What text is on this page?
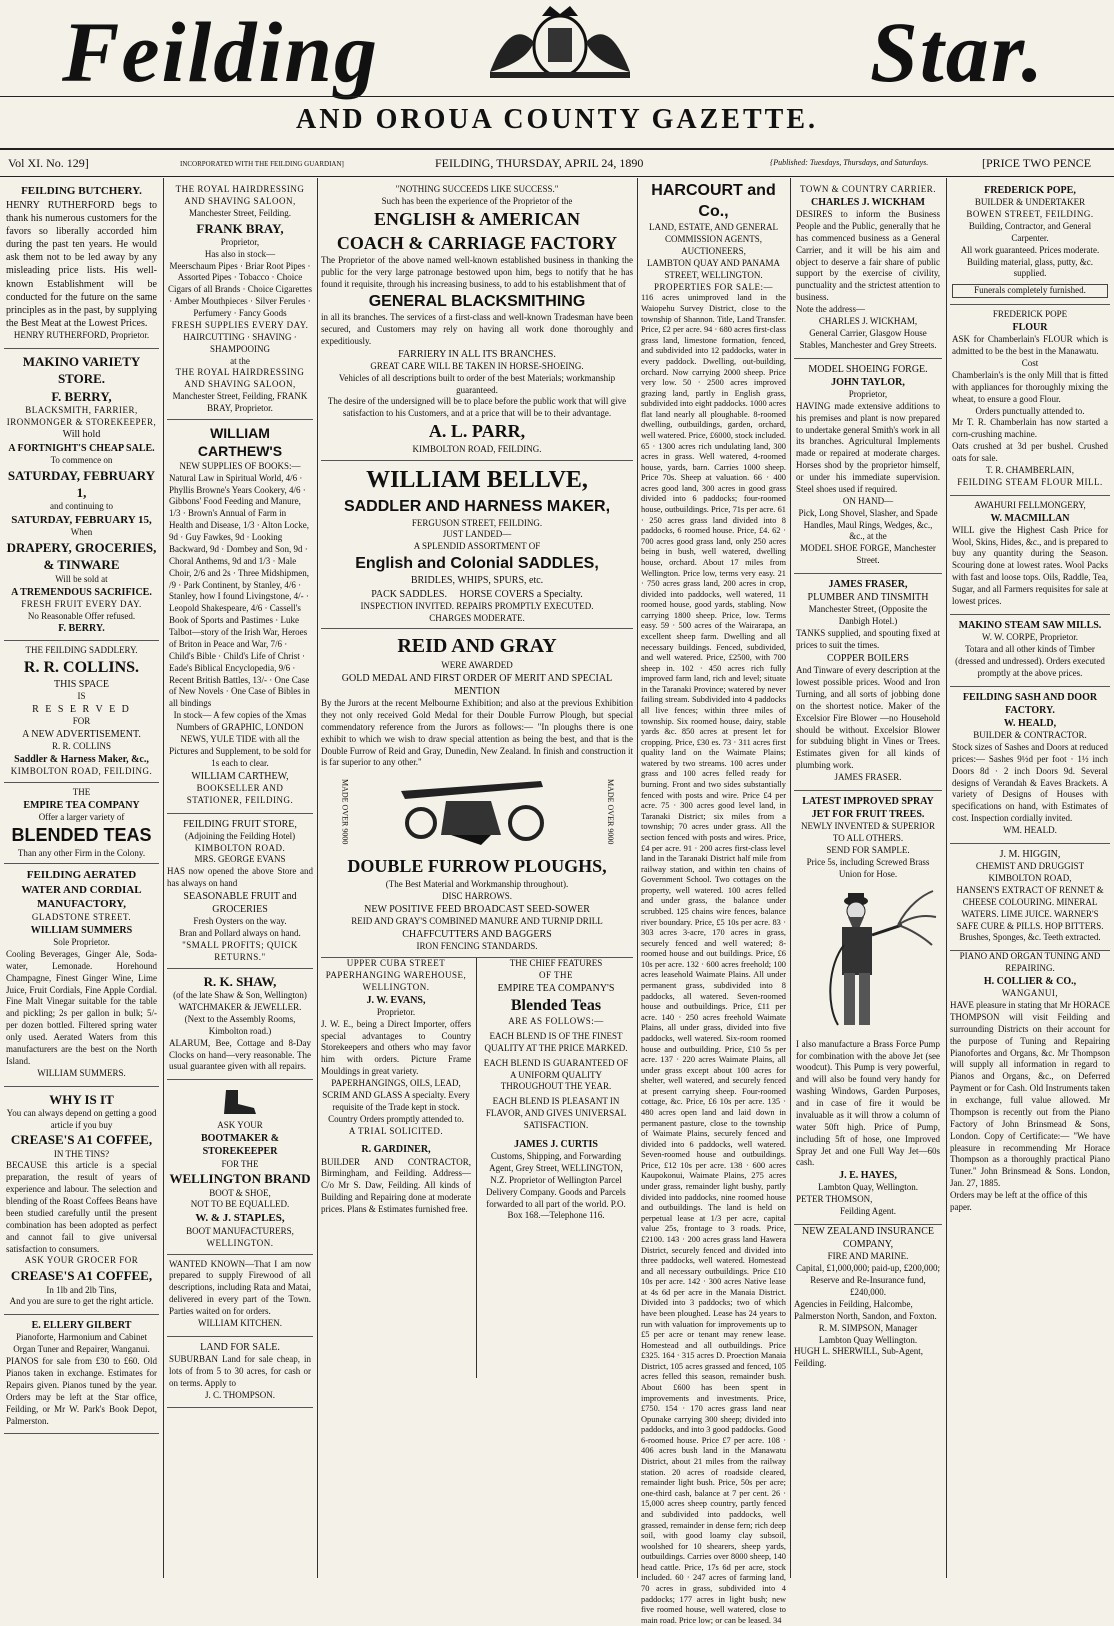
Feilding	Star.
AND OROUA COUNTY GAZETTE.
Vol XI. No. 129]	INCORPORATED WITH THE FEILDING GUARDIAN]	FEILDING, THURSDAY, APRIL 24, 1890	{Published: Tuesdays, Thursdays, and Saturdays.	[PRICE TWO PENCE
FEILDING BUTCHERY.

HENRY RUTHERFORD begs to thank his numerous customers for the favors so liberally accorded him during the past ten years. He would ask them not to be led away by any misleading price lists. His well-known Establishment will be conducted for the future on the same principles as in the past, by supplying the Best Meat at the Lowest Prices.

HENRY RUTHERFORD, Proprietor.

MAKINO VARIETY STORE.
F. BERRY,

BLACKSMITH, FARRIER, IRONMONGER & STOREKEEPER,

Will hold

A FORTNIGHT'S CHEAP SALE.

To commence on

SATURDAY, FEBRUARY 1,

and continuing to

SATURDAY, FEBRUARY 15,

When

DRAPERY, GROCERIES, & TINWARE

Will be sold at

A TREMENDOUS SACRIFICE.

FRESH FRUIT EVERY DAY.

No Reasonable Offer refused.

F. BERRY.

THE FEILDING SADDLERY.

R. R. COLLINS.

THIS SPACE

IS

R E S E R V E D

FOR

A NEW ADVERTISEMENT.

R. R. COLLINS

Saddler & Harness Maker, &c.,

KIMBOLTON ROAD, FEILDING.

THE

EMPIRE TEA COMPANY

Offer a larger variety of

BLENDED TEAS

Than any other Firm in the Colony.

FEILDING AERATED WATER AND CORDIAL MANUFACTORY,

GLADSTONE STREET.

WILLIAM SUMMERS

Sole Proprietor.

Cooling Beverages, Ginger Ale, Soda-water, Lemonade. Horehound Champagne, Finest Ginger Wine, Lime Juice, Fruit Cordials, Fine Apple Cordial. Fine Malt Vinegar suitable for the table and pickling; 2s per gallon in bulk; 5/- per dozen bottled. Filtered spring water only used. Aerated Waters from this manufacturers are the best on the North Island.

WILLIAM SUMMERS.

WHY IS IT

You can always depend on getting a good article if you buy

CREASE'S A1 COFFEE,

IN THE TINS?

BECAUSE this article is a special preparation, the result of years of experience and labour. The selection and blending of the Roast Coffees Beans have been studied carefully until the present combination has been adopted as perfect and cannot fail to give universal satisfaction to consumers.

ASK YOUR GROCER FOR

CREASE'S A1 COFFEE,

In 1lb and 2lb Tins,

And you are sure to get the right article.

E. ELLERY GILBERT

Pianoforte, Harmonium and Cabinet Organ Tuner and Repairer, Wanganui.

PIANOS for sale from £30 to £60. Old Pianos taken in exchange. Estimates for Repairs given. Pianos tuned by the year. Orders may be left at the Star office, Feilding, or Mr W. Park's Book Depot, Palmerston.

THE ROYAL HAIRDRESSING AND SHAVING SALOON,

Manchester Street, Feilding.

FRANK BRAY,

Proprietor,

Has also in stock—

Meerschaum Pipes · Briar Root Pipes · Assorted Pipes · Tobacco · Choice Cigars of all Brands · Choice Cigarettes · Amber Mouthpieces · Silver Ferules · Perfumery · Fancy Goods

FRESH SUPPLIES EVERY DAY.

HAIRCUTTING · SHAVING · SHAMPOOING

at the

THE ROYAL HAIRDRESSING AND SHAVING SALOON,

Manchester Street, Feilding, FRANK BRAY, Proprietor.

WILLIAM CARTHEW'S

NEW SUPPLIES OF BOOKS:—

Natural Law in Spiritual World, 4/6 · Phyllis Browne's Years Cookery, 4/6 · Gibbons' Food Feeding and Manure, 1/3 · Brown's Annual of Farm in Health and Disease, 1/3 · Alton Locke, 9d · Guy Fawkes, 9d · Looking Backward, 9d · Dombey and Son, 9d · Choral Anthems, 9d and 1/3 · Male Choir, 2/6 and 2s · Three Midshipmen, /9 · Park Continent, by Stanley, 4/6 · Stanley, how I found Livingstone, 4/- · Leopold Shakespeare, 4/6 · Cassell's Book of Sports and Pastimes · Luke Talbot—story of the Irish War, Heroes of Briton in Peace and War, 7/6 · Child's Bible · Child's Life of Christ · Eade's Biblical Encyclopedia, 9/6 · Recent British Battles, 13/- · One Case of New Novels · One Case of Bibles in all bindings

In stock— A few copies of the Xmas Numbers of GRAPHIC, LONDON NEWS, YULE TIDE with all the Pictures and Supplement, to be sold for 1s each to clear.

WILLIAM CARTHEW,

BOOKSELLER AND STATIONER, FEILDING.

FEILDING FRUIT STORE,

(Adjoining the Feilding Hotel)

KIMBOLTON ROAD.

MRS. GEORGE EVANS

HAS now opened the above Store and has always on hand

SEASONABLE FRUIT and GROCERIES

Fresh Oysters on the way.

Bran and Pollard always on hand.

"SMALL PROFITS; QUICK RETURNS."

R. K. SHAW,

(of the late Shaw & Son, Wellington) WATCHMAKER & JEWELLER. (Next to the Assembly Rooms, Kimbolton road.)

ALARUM, Bee, Cottage and 8-Day Clocks on hand—very reasonable. The usual guarantee given with all repairs.

ASK YOUR

BOOTMAKER & STOREKEEPER

FOR THE

WELLINGTON BRAND

BOOT & SHOE,

NOT TO BE EQUALLED.

W. & J. STAPLES,

BOOT MANUFACTURERS,

WELLINGTON.

WANTED KNOWN—That I am now prepared to supply Firewood of all descriptions, including Rata and Matai, delivered in every part of the Town. Parties waited on for orders.

WILLIAM KITCHEN.

LAND FOR SALE.

SUBURBAN Land for sale cheap, in lots of from 5 to 30 acres, for cash or on terms. Apply to

J. C. THOMPSON.

"NOTHING SUCCEEDS LIKE SUCCESS."

Such has been the experience of the Proprietor of the

ENGLISH & AMERICAN
COACH & CARRIAGE FACTORY

The Proprietor of the above named well-known established business in thanking the public for the very large patronage bestowed upon him, begs to notify that he has found it requisite, through his increasing business, to add to his establishment that of

GENERAL BLACKSMITHING

in all its branches. The services of a first-class and well-known Tradesman have been secured, and Customers may rely on having all work done thoroughly and expeditiously.

FARRIERY IN ALL ITS BRANCHES.

GREAT CARE WILL BE TAKEN IN HORSE-SHOEING.

Vehicles of all descriptions built to order of the best Materials; workmanship guaranteed.

The desire of the undersigned will be to place before the public work that will give satisfaction to his Customers, and at a price that will be to their advantage.

A. L. PARR,

KIMBOLTON ROAD, FEILDING.

WILLIAM BELLVE,
SADDLER AND HARNESS MAKER,

FERGUSON STREET, FEILDING.

JUST LANDED—

A SPLENDID ASSORTMENT OF

English and Colonial SADDLES,

BRIDLES, WHIPS, SPURS, etc.

PACK SADDLES. HORSE COVERS a Specialty.

INSPECTION INVITED. REPAIRS PROMPTLY EXECUTED.

CHARGES MODERATE.

REID AND GRAY

WERE AWARDED

GOLD MEDAL AND FIRST ORDER OF MERIT AND SPECIAL MENTION

By the Jurors at the recent Melbourne Exhibition; and also at the previous Exhibition they not only received Gold Medal for their Double Furrow Plough, but special commendatory reference from the Jurors as follows:— "In ploughs there is one exhibit to which we wish to draw special attention as being the best, and that is the Double Furrow of Reid and Gray, Dunedin, New Zealand. In finish and construction it is far superior to any other."

MADE OVER 9000	MADE OVER 9000
DOUBLE FURROW PLOUGHS,

(The Best Material and Workmanship throughout).

DISC HARROWS.

NEW POSITIVE FEED BROADCAST SEED-SOWER

REID AND GRAY'S COMBINED MANURE AND TURNIP DRILL

CHAFFCUTTERS AND BAGGERS

IRON FENCING STANDARDS.

UPPER CUBA STREET PAPERHANGING WAREHOUSE,

WELLINGTON.

J. W. EVANS,

Proprietor.

J. W. E., being a Direct Importer, offers special advantages to Country Storekeepers and others who may favor him with orders. Picture Frame Mouldings in great variety.

PAPERHANGINGS, OILS, LEAD, SCRIM AND GLASS A specialty. Every requisite of the Trade kept in stock. Country Orders promptly attended to.

A TRIAL SOLICITED.

R. GARDINER,

BUILDER AND CONTRACTOR, Birmingham, and Feilding. Address—C/o Mr S. Daw, Feilding. All kinds of Building and Repairing done at moderate prices. Plans & Estimates furnished free.

THE CHIEF FEATURES

OF THE

EMPIRE TEA COMPANY'S

Blended Teas

ARE AS FOLLOWS:—

EACH BLEND IS OF THE FINEST QUALITY AT THE PRICE MARKED.

EACH BLEND IS GUARANTEED OF A UNIFORM QUALITY THROUGHOUT THE YEAR.

EACH BLEND IS PLEASANT IN FLAVOR, AND GIVES UNIVERSAL SATISFACTION.

JAMES J. CURTIS

Customs, Shipping, and Forwarding Agent, Grey Street, WELLINGTON, N.Z. Proprietor of Wellington Parcel Delivery Company. Goods and Parcels forwarded to all part of the world. P.O. Box 168.—Telephone 116.

HARCOURT and Co.,

LAND, ESTATE, AND GENERAL COMMISSION AGENTS, AUCTIONEERS,

LAMBTON QUAY AND PANAMA STREET, WELLINGTON.

PROPERTIES FOR SALE:—

116 acres unimproved land in the Waiopehu Survey District, close to the township of Shannon. Title, Land Transfer. Price, £2 per acre. 94 · 680 acres first-class grass land, limestone formation, fenced, and subdivided into 12 paddocks, water in every paddock. Dwelling, out-building, orchard. Now carrying 2000 sheep. Price very low. 50 · 2500 acres improved grazing land, partly in English grass, subdivided into eight paddocks. 1000 acres flat land nearly all ploughable. 8-roomed dwelling, outbuildings, garden, orchard, well watered. Price, £6000, stock included. 65 · 1300 acres rich undulating land, 300 acres in grass. Well watered, 4-roomed house, yards, barn. Carries 1000 sheep. Price 70s. Sheep at valuation. 66 · 400 acres good land, 300 acres in good grass divided into 6 paddocks; four-roomed house, outbuildings. Price, 71s per acre. 61 · 250 acres grass land divided into 8 paddocks, 6 roomed house. Price, £4. 62 · 700 acres good grass land, only 250 acres being in bush, well watered, dwelling house, orchard. About 17 miles from Wellington. Price low, terms very easy. 21 · 750 acres grass land, 200 acres in crop, divided into paddocks, well watered, 11 roomed house, good yards, stabling. Now carrying 1800 sheep. Price, low. Terms easy. 59 · 500 acres of the Wairarapa, an excellent sheep farm. Dwelling and all necessary buildings. Fenced, subdivided, and well watered. Price, £2500, with 700 sheep in. 102 · 450 acres rich fully improved farm land, rich and level; situate in the Taranaki Province; watered by never failing stream. Subdivided into 4 paddocks all live fences; within three miles of township. Six roomed house, dairy, stable yards &c. 850 acres at present let for cropping. Price, £30 es. 73 · 311 acres first quality land on the Waimate Plains; watered by two streams. 100 acres under grass and 100 acres felled ready for burning. Front and two sides substantially fenced with posts and wire. Price £4 per acre. 75 · 300 acres good level land, in Taranaki District; six miles from a township; 70 acres under grass. All the section fenced with posts and wires. Price, £4 per acre. 91 · 200 acres first-class level land in the Taranaki District half mile from railway station, and within ten chains of Government School. Two cottages on the property, well watered. 100 acres felled and under grass, the balance under scrubbed. 125 chains wire fences, balance river boundary. Price, £5 10s per acre. 83 · 303 acres 3-acre, 170 acres in grass, securely fenced and well watered; 8-roomed house and out buildings. Price, £6 10s per acre. 132 · 600 acres freehold; 100 acres leasehold Waimate Plains. All under permanent grass, subdivided into 8 paddocks, all watered. Seven-roomed house and outbuildings. Price, £11 per acre. 140 · 250 acres freehold Waimate Plains, all under grass, divided into five paddocks, well watered. Six-room roomed house and outbuilding. Price, £10 5s per acre. 137 · 220 acres Waimate Plains, all under grass except about 100 acres for shelter, well watered, and securely fenced at present carrying sheep. Four-roomed cottage, &c. Price, £6 10s per acre. 135 · 480 acres open land and laid down in permanent pasture, close to the township of Waimate Plains, securely fenced and divided into 6 paddocks, well watered. Seven-roomed house and outbuildings. Price, £12 10s per acre. 138 · 600 acres Kaupokonui, Waimate Plains, 275 acres under grass, remainder light bushy, partly divided into paddocks, nine roomed house and outbuildings. The land is held on perpetual lease at 1/3 per acre, capital value 25s, frontage to 3 roads. Price, £2100. 143 · 200 acres grass land Hawera District, securely fenced and divided into three paddocks, well watered. Homestead and all necessary outbuildings. Price £10 10s per acre. 142 · 300 acres Native lease at 4s 6d per acre in the Manaia District. Divided into 3 paddocks; two of which have been ploughed. Lease has 24 years to run with valuation for improvements up to £5 per acre or tenant may renew lease. Homestead and all outbuildings. Price £325. 164 · 315 acres D. Proection Manaia District, 105 acres grassed and fenced, 105 acres felled this season, remainder bush. About £600 has been spent in improvements and investments. Price, £750. 154 · 170 acres grass land near Opunake carrying 300 sheep; divided into paddocks, and into 3 good paddocks. Good 6-roomed house. Price £7 per acre. 108 · 406 acres bush land in the Manawatu District, about 21 miles from the railway station. 20 acres of roadside cleared, remainder light bush. Price, 50s per acre; one-third cash, balance at 7 per cent. 26 · 15,000 acres sheep country, partly fenced and subdivided into paddocks, well grassed, remainder in dense fern; rich deep soil, with good loamy clay subsoil, woolshed for 10 shearers, sheep yards, outbuildings. Carries over 8000 sheep, 140 head cattle. Price, 17s 6d per acre, stock included. 60 · 247 acres of farming land, 70 acres in grass, subdivided into 4 paddocks; 177 acres in light bush; new five roomed house, well watered, close to main road. Price low; or can be leased. 34

TOWN & COUNTRY CARRIER.

CHARLES J. WICKHAM

DESIRES to inform the Business People and the Public, generally that he has commenced business as a General Carrier, and it will be his aim and object to deserve a fair share of public support by the exercise of civility, punctuality and the strictest attention to business.

Note the address—

CHARLES J. WICKHAM,

General Carrier, Glasgow House Stables, Manchester and Grey Streets.

MODEL SHOEING FORGE.

JOHN TAYLOR,

Proprietor,

HAVING made extensive additions to his premises and plant is now prepared to undertake general Smith's work in all its branches. Agricultural Implements made or repaired at moderate charges. Horses shod by the proprietor himself, or under his immediate supervision. Steel shoes used if required.

ON HAND—

Pick, Long Shovel, Slasher, and Spade Handles, Maul Rings, Wedges, &c., &c., at the

MODEL SHOE FORGE, Manchester Street.

JAMES FRASER,

PLUMBER AND TINSMITH

Manchester Street, (Opposite the Danbigh Hotel.)

TANKS supplied, and spouting fixed at prices to suit the times.

COPPER BOILERS

And Tinware of every description at the lowest possible prices. Wood and Iron Turning, and all sorts of jobbing done on the shortest notice. Maker of the Excelsior Fire Blower —no Household should be without. Excelsior Blower for subduing blight in Vines or Trees. Estimates given for all kinds of plumbing work.

JAMES FRASER.

LATEST IMPROVED SPRAY JET FOR FRUIT TREES.

NEWLY INVENTED & SUPERIOR TO ALL OTHERS.

SEND FOR SAMPLE.

Price 5s, including Screwed Brass Union for Hose.

I also manufacture a Brass Force Pump for combination with the above Jet (see woodcut). This Pump is very powerful, and will also be found very handy for washing Windows, Garden Purposes, and in case of fire it would be invaluable as it will throw a column of water 50ft high. Price of Pump, including 5ft of hose, one Improved Spray Jet and one Full Way Jet—60s cash.

J. E. HAYES,

Lambton Quay, Wellington.

PETER THOMSON,

Feilding Agent.

NEW ZEALAND INSURANCE COMPANY,

FIRE AND MARINE.

Capital, £1,000,000; paid-up, £200,000; Reserve and Re-Insurance fund, £240,000.

Agencies in Feilding, Halcombe, Palmerston North, Sandon, and Foxton.

R. M. SIMPSON, Manager

Lambton Quay Wellington.

HUGH L. SHERWILL, Sub-Agent, Feilding.

FREDERICK POPE,

BUILDER & UNDERTAKER

BOWEN STREET, FEILDING.

Building, Contractor, and General Carpenter.

All work guaranteed. Prices moderate.

Building material, glass, putty, &c. supplied.

Funerals completely furnished.

FREDERICK POPE

FLOUR

ASK for Chamberlain's FLOUR which is admitted to be the best in the Manawatu.

Cost

Chamberlain's is the only Mill that is fitted with appliances for thoroughly mixing the wheat, to ensure a good Flour.

Orders punctually attended to.

Mr T. R. Chamberlain has now started a corn-crushing machine.

Oats crushed at 3d per bushel. Crushed oats for sale.

T. R. CHAMBERLAIN,

FEILDING STEAM FLOUR MILL.

AWAHURI FELLMONGERY,

W. MACMILLAN

WILL give the Highest Cash Price for Wool, Skins, Hides, &c., and is prepared to buy any quantity during the Season. Scouring done at lowest rates. Wool Packs with fast and loose tops. Oils, Raddle, Tea, Sugar, and all Farmers requisites for sale at lowest prices.

MAKINO STEAM SAW MILLS.

W. W. CORPE, Proprietor.

Totara and all other kinds of Timber (dressed and undressed). Orders executed promptly at the above prices.

FEILDING SASH AND DOOR FACTORY.

W. HEALD,

BUILDER & CONTRACTOR.

Stock sizes of Sashes and Doors at reduced prices:— Sashes 9½d per foot · 1½ inch Doors 8d · 2 inch Doors 9d. Several designs of Verandah & Eaves Brackets. A variety of Designs of Houses with specifications on hand, with Estimates of cost. Inspection cordially invited.

WM. HEALD.

J. M. HIGGIN,

CHEMIST AND DRUGGIST KIMBOLTON ROAD,

HANSEN'S EXTRACT OF RENNET & CHEESE COLOURING. MINERAL WATERS. LIME JUICE. WARNER'S SAFE CURE & PILLS. HOP BITTERS. Brushes, Sponges, &c. Teeth extracted.

PIANO AND ORGAN TUNING AND REPAIRING.

H. COLLIER & CO.,

WANGANUI,

HAVE pleasure in stating that Mr HORACE THOMPSON will visit Feilding and surrounding Districts on their account for the purpose of Tuning and Repairing Pianofortes and Organs, &c. Mr Thompson will supply all information in regard to Pianos and Organs, &c., on Deferred Payment or for Cash. Old Instruments taken in exchange, full value allowed. Mr Thompson is recently out from the Piano Factory of John Brinsmead & Sons, London. Copy of Certificate:— "We have pleasure in recommending Mr Horace Thompson as a thoroughly practical Piano Tuner." John Brinsmead & Sons. London, Jan. 27, 1885.

Orders may be left at the office of this paper.
